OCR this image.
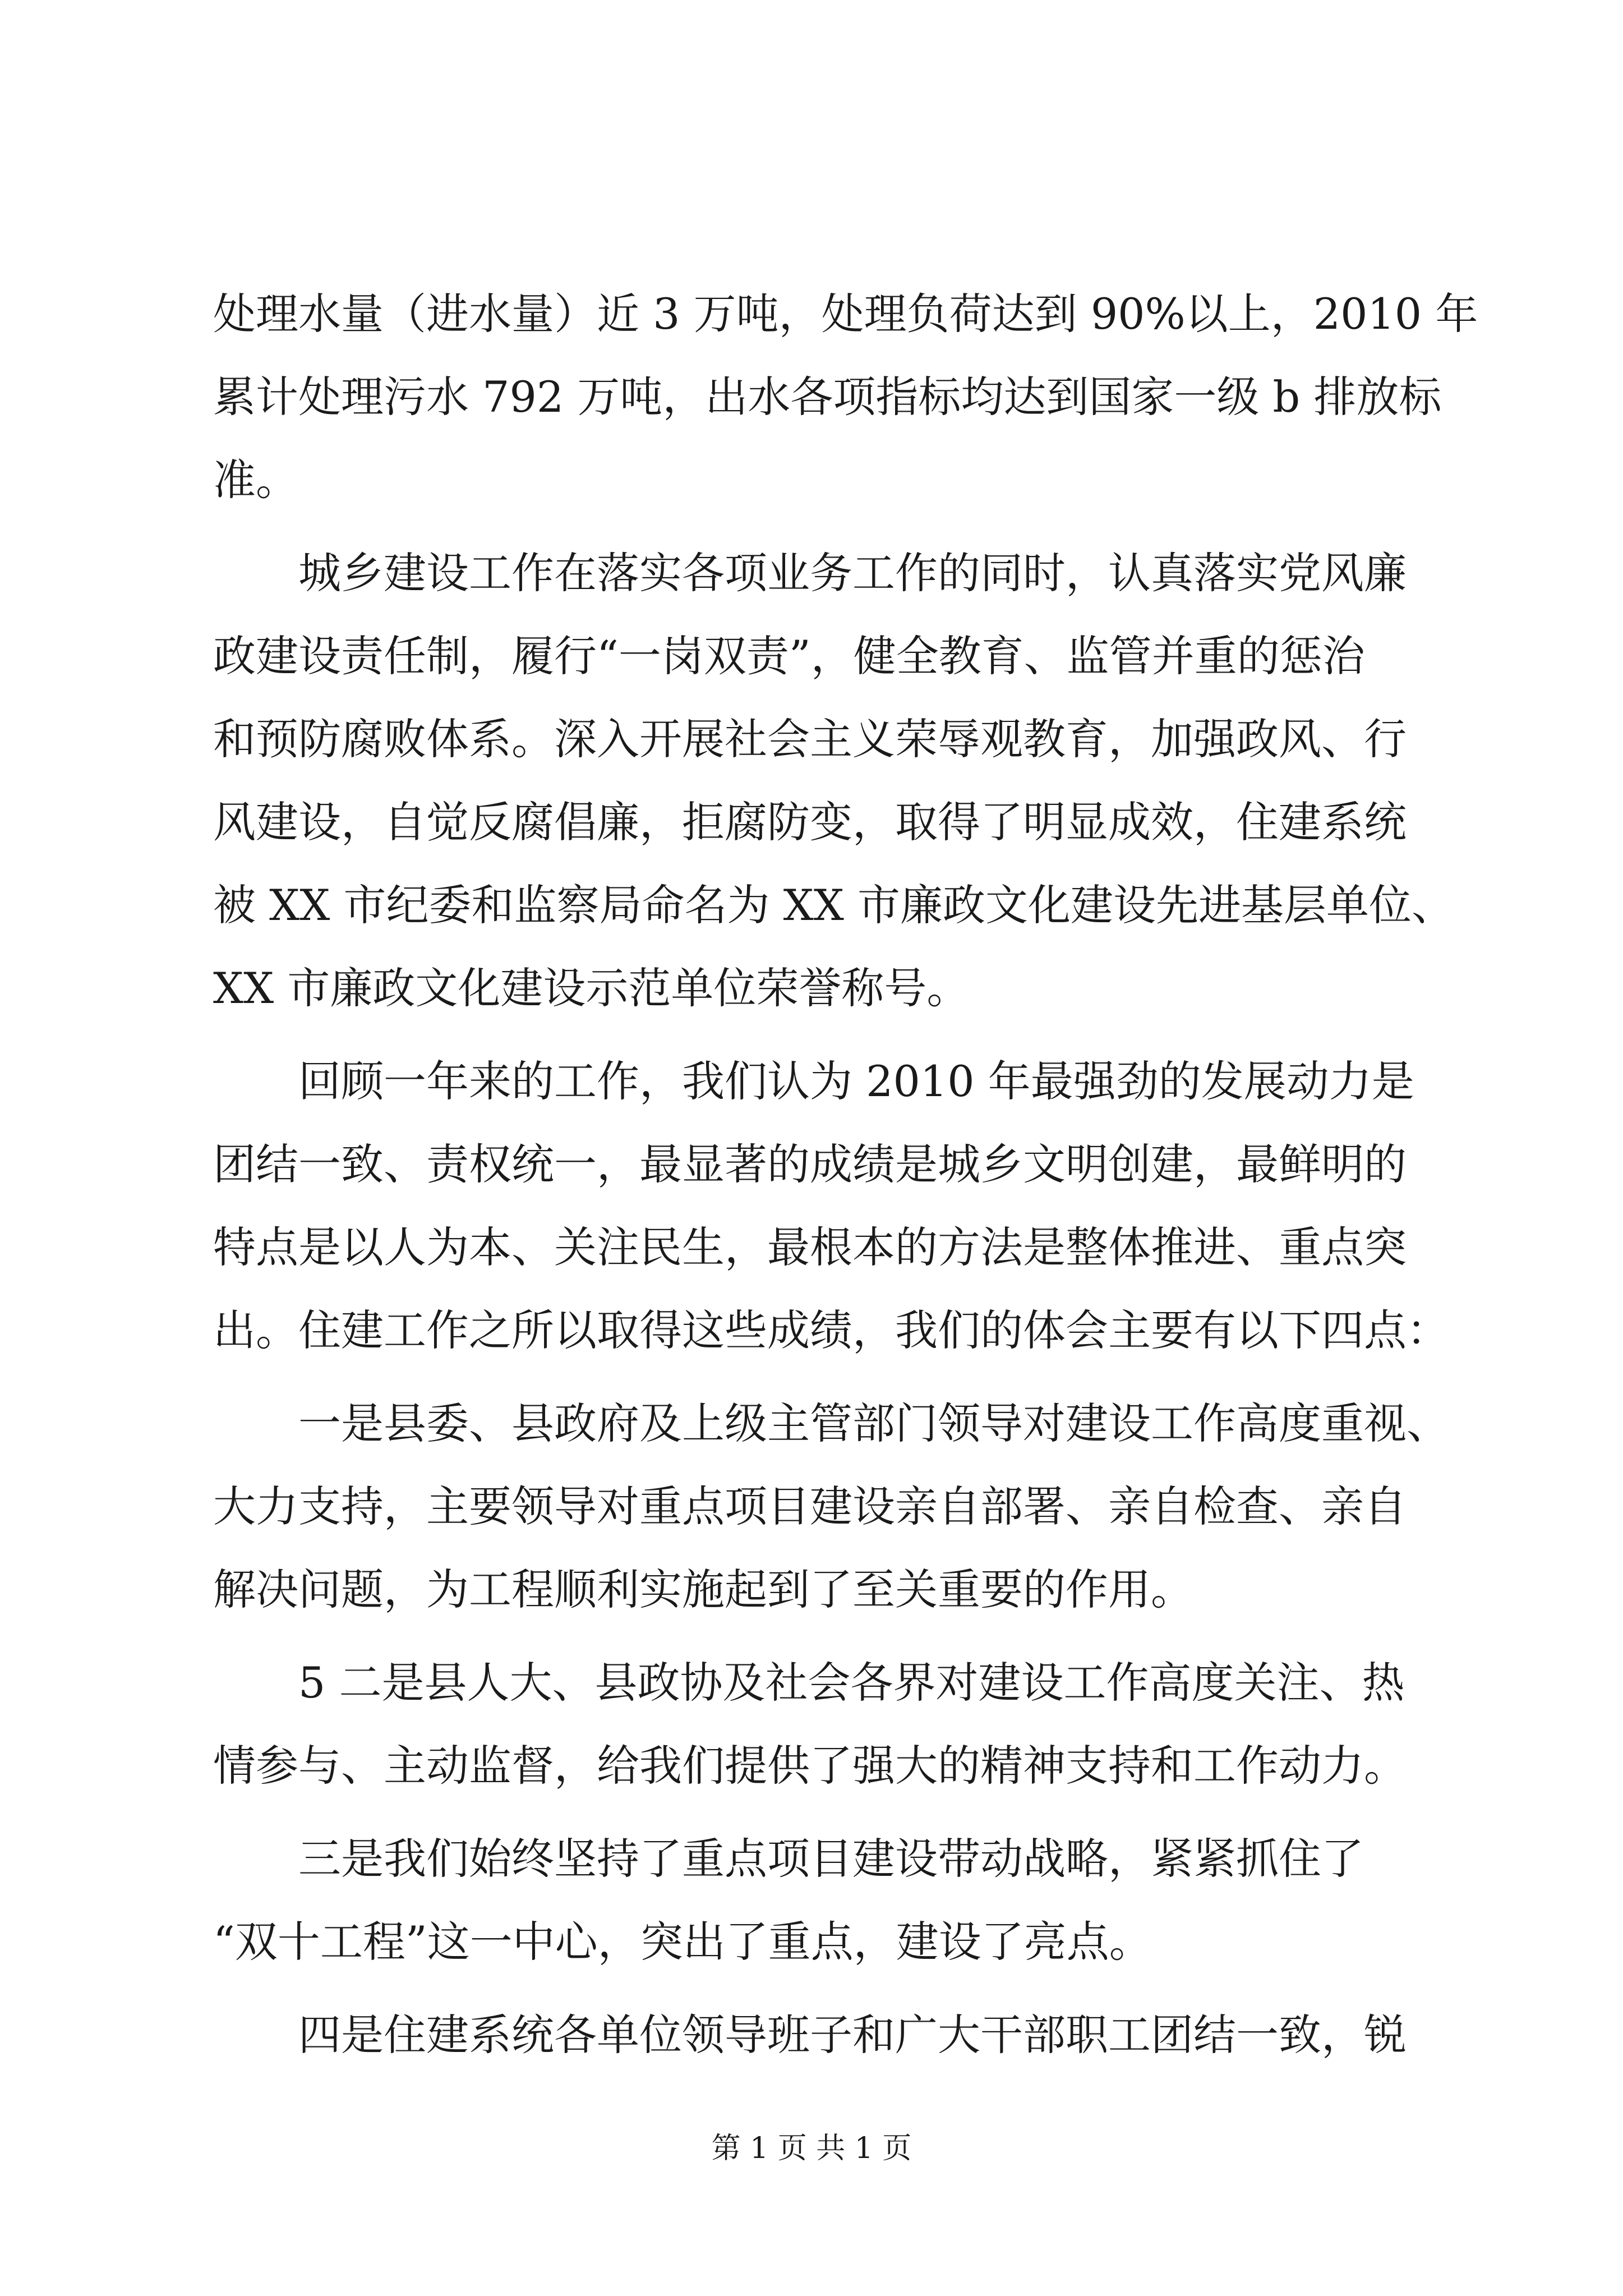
处理水量（进水量）近 3 万吨，处理负荷达到 90%以上，2010 年
累计处理污水 792 万吨，出水各项指标均达到国家一级 b 排放标
准。
城乡建设工作在落实各项业务工作的同时，认真落实党风廉
政建设责任制，履行“一岗双责”，健全教育、监管并重的惩治
和预防腐败体系。深入开展社会主义荣辱观教育，加强政风、行
风建设，自觉反腐倡廉，拒腐防变，取得了明显成效，住建系统
被 XX 市纪委和监察局命名为 XX 市廉政文化建设先进基层单位、
XX 市廉政文化建设示范单位荣誉称号。
回顾一年来的工作，我们认为 2010 年最强劲的发展动力是
团结一致、责权统一，最显著的成绩是城乡文明创建，最鲜明的
特点是以人为本、关注民生，最根本的方法是整体推进、重点突
出。住建工作之所以取得这些成绩，我们的体会主要有以下四点：
一是县委、县政府及上级主管部门领导对建设工作高度重视、
大力支持，主要领导对重点项目建设亲自部署、亲自检查、亲自
解决问题，为工程顺利实施起到了至关重要的作用。
5 二是县人大、县政协及社会各界对建设工作高度关注、热
情参与、主动监督，给我们提供了强大的精神支持和工作动力。
三是我们始终坚持了重点项目建设带动战略，紧紧抓住了
“双十工程”这一中心，突出了重点，建设了亮点。
四是住建系统各单位领导班子和广大干部职工团结一致，锐
第 1 页 共 1 页
